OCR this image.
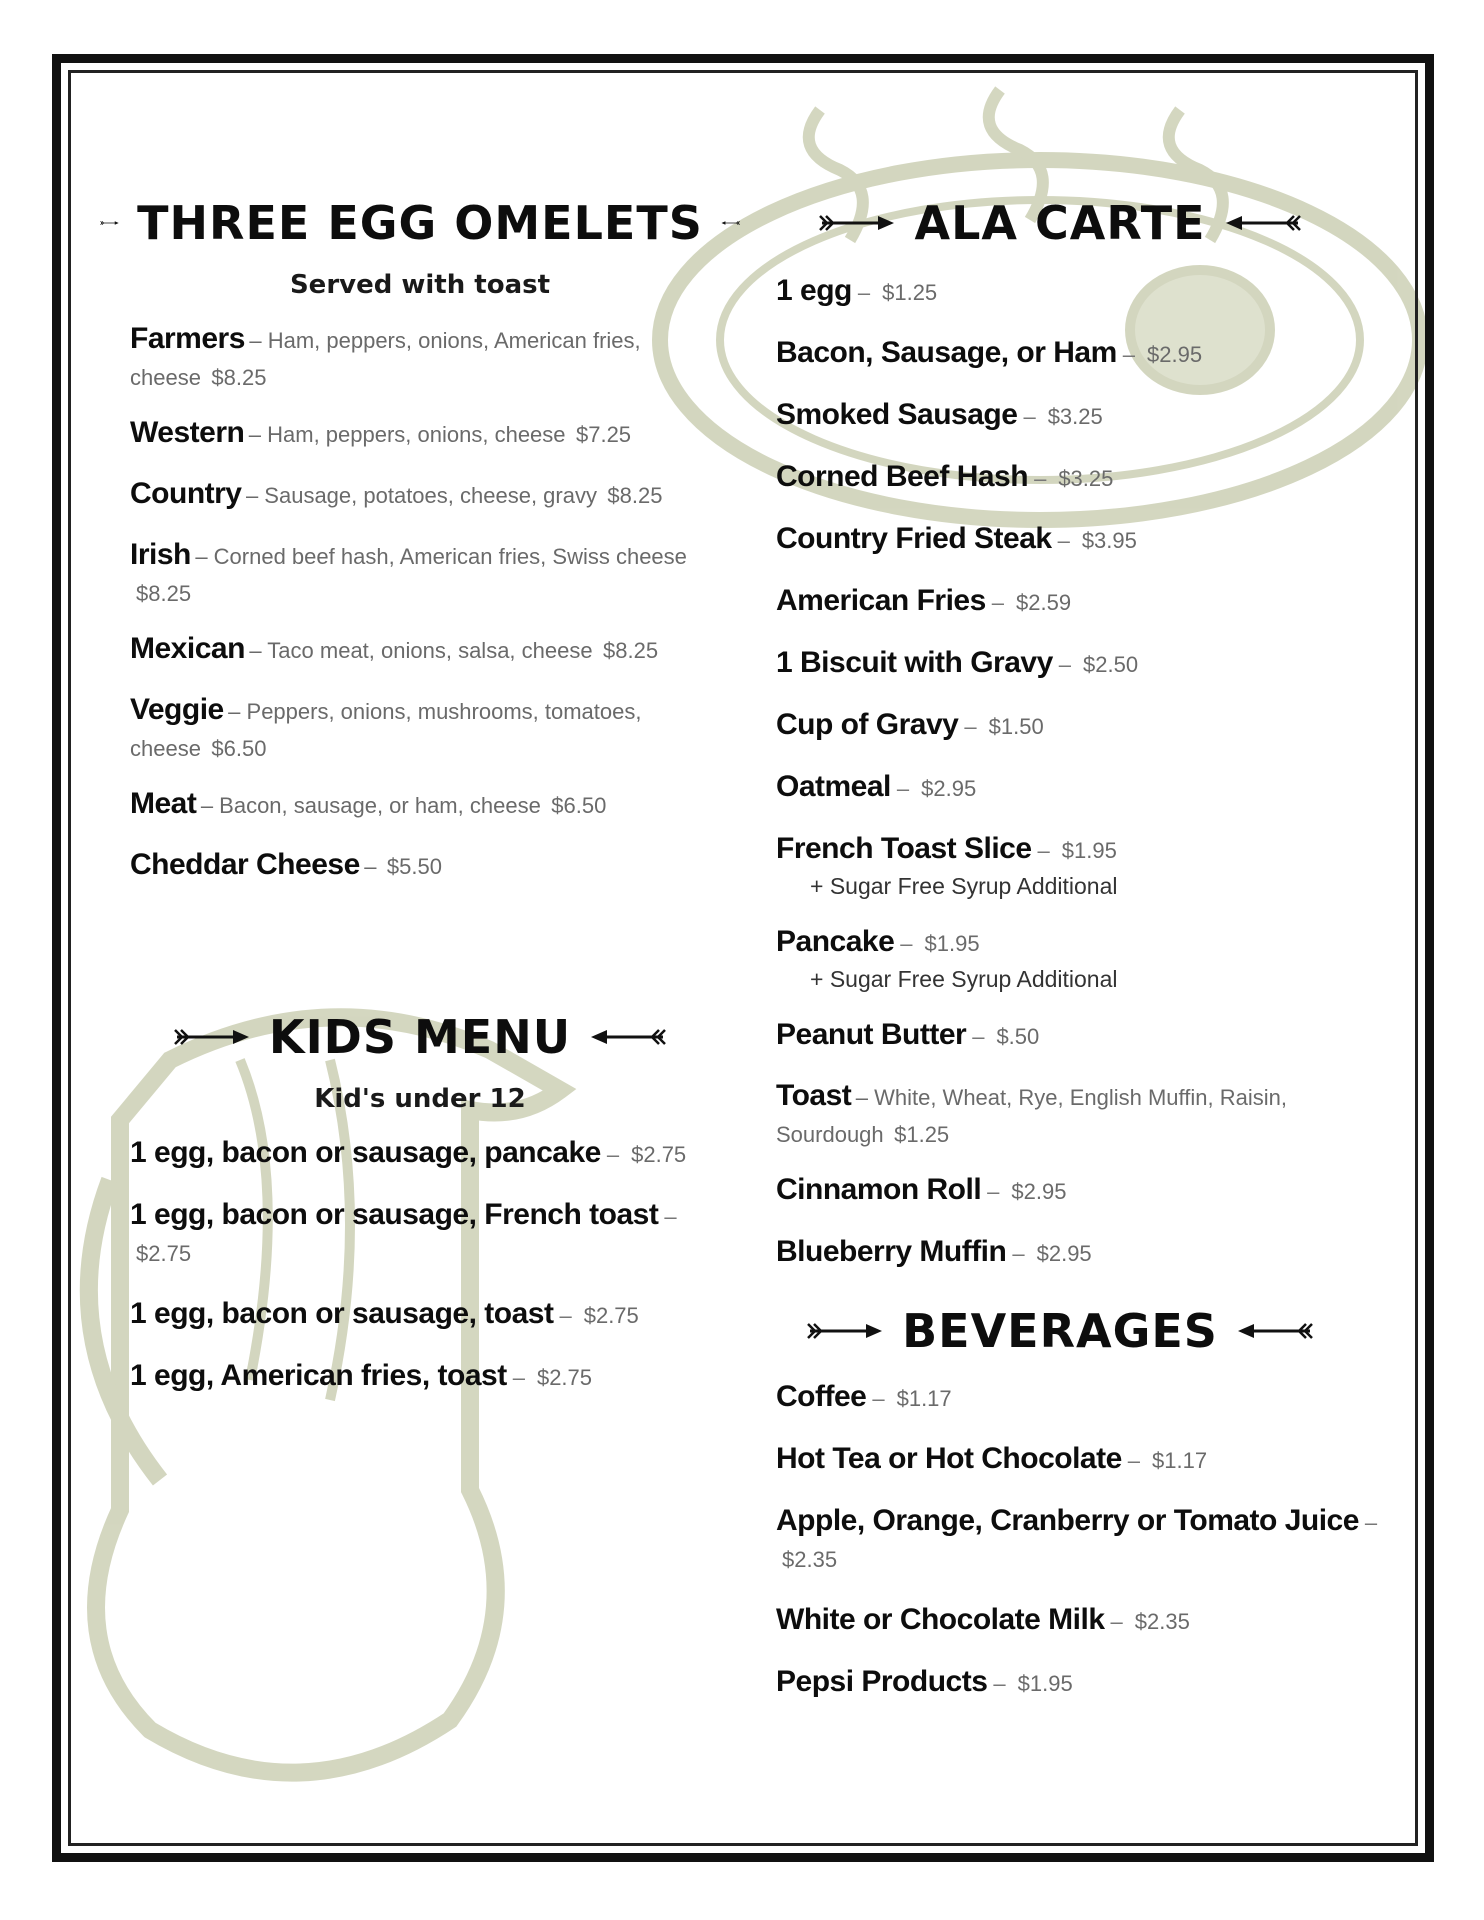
THREE EGG OMELETS
Served with toast

Farmers – Ham, peppers, onions, American fries, cheese $8.25

Western – Ham, peppers, onions, cheese $7.25

Country – Sausage, potatoes, cheese, gravy $8.25

Irish – Corned beef hash, American fries, Swiss cheese $8.25

Mexican – Taco meat, onions, salsa, cheese $8.25

Veggie – Peppers, onions, mushrooms, tomatoes, cheese $6.50

Meat – Bacon, sausage, or ham, cheese $6.50

Cheddar Cheese – $5.50

KIDS MENU
Kid's under 12

1 egg, bacon or sausage, pancake – $2.75

1 egg, bacon or sausage, French toast –$2.75

1 egg, bacon or sausage, toast – $2.75

1 egg, American fries, toast – $2.75

ALA CARTE

1 egg – $1.25

Bacon, Sausage, or Ham – $2.95

Smoked Sausage – $3.25

Corned Beef Hash – $3.25

Country Fried Steak – $3.95

American Fries – $2.59

1 Biscuit with Gravy – $2.50

Cup of Gravy – $1.50

Oatmeal – $2.95

French Toast Slice – $1.95

+ Sugar Free Syrup Additional

Pancake – $1.95

+ Sugar Free Syrup Additional

Peanut Butter – $.50

Toast – White, Wheat, Rye, English Muffin, Raisin, Sourdough $1.25

Cinnamon Roll – $2.95

Blueberry Muffin – $2.95

BEVERAGES

Coffee – $1.17

Hot Tea or Hot Chocolate – $1.17

Apple, Orange, Cranberry or Tomato Juice –$2.35

White or Chocolate Milk – $2.35

Pepsi Products – $1.95
